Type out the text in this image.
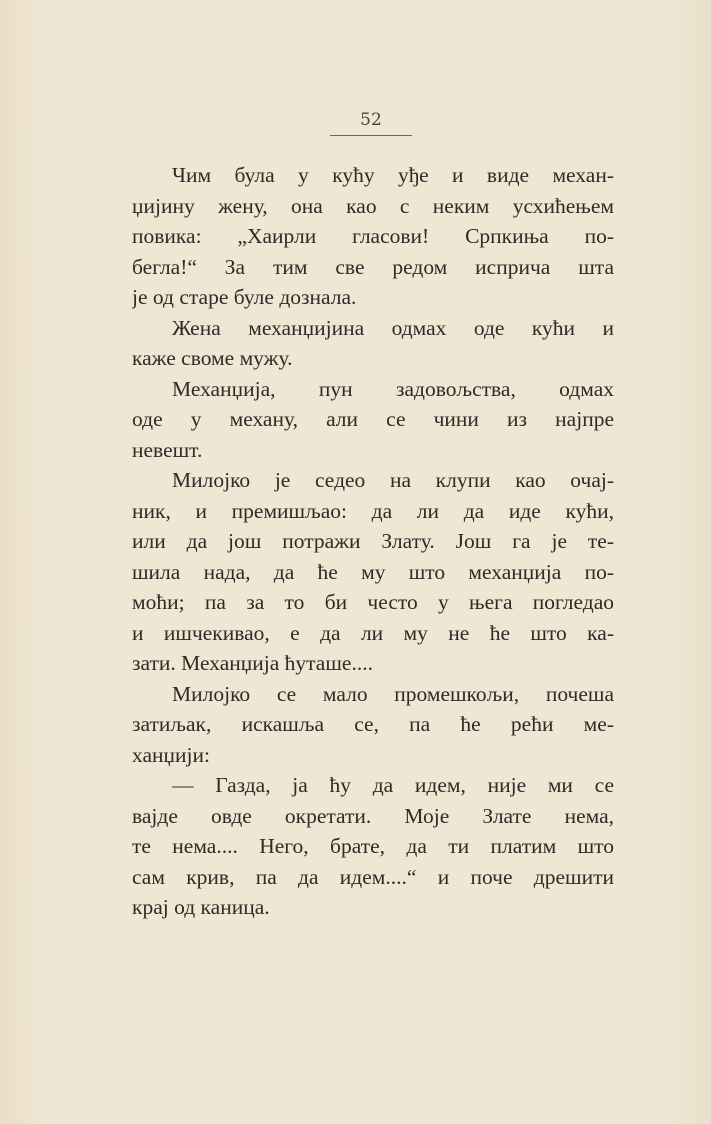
52
Чим була у кућу уђе и виде механ-
џијину жену, она као с неким усхићењем
повика: „Хаирли гласови! Српкиња по-
бегла!“ За тим све редом исприча шта
је од старе буле дознала.
Жена механџијина одмах оде кући и
каже своме мужу.
Механџија, пун задовољства, одмах
оде у механу, али се чини из најпре
невешт.
Милојко је седео на клупи као очај-
ник, и премишљао: да ли да иде кући,
или да још потражи Злату. Још га је те-
шила нада, да ће му што механџија по-
моћи; па за то би често у њега погледао
и ишчекивао, е да ли му не ће што ка-
зати. Механџија ћуташе....
Милојко се мало промешкољи, почеша
затиљак, искашља се, па ће рећи ме-
ханџији:
— Газда, ја ћу да идем, није ми се
вајде овде окретати. Моје Злате нема,
те нема.... Него, брате, да ти платим што
сам крив, па да идем....“ и поче дрешити
крај од каница.
